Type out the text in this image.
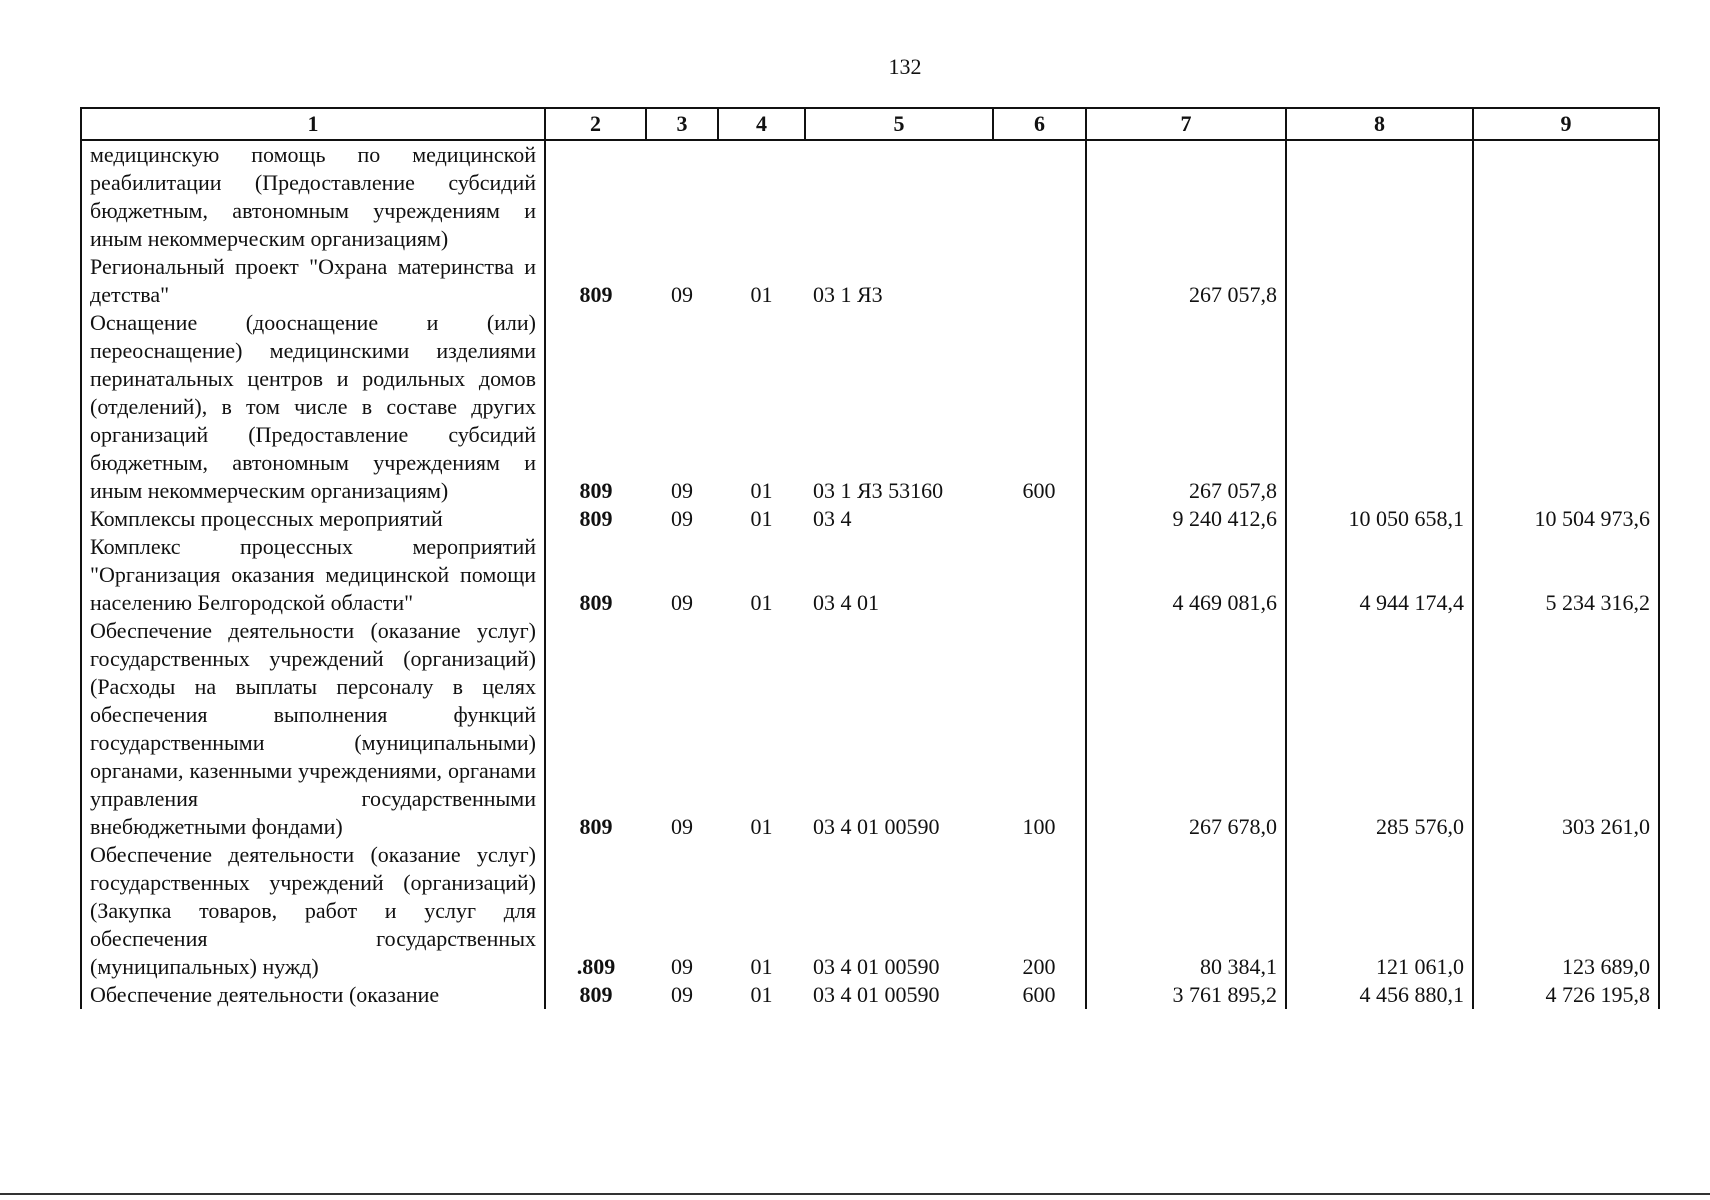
132
1	2	3	4	5	6	7	8	9
медицинскую помощь по медицинской реабилитации (Предоставление субсидий бюджетным, автономным учреждениям и иным некоммерческим организациям)								
Региональный проект "Охрана материнства и детства"	809	09	01	03 1 Я3		267 057,8		
Оснащение (дооснащение и (или) переоснащение) медицинскими изделиями перинатальных центров и родильных домов (отделений), в том числе в составе других организаций (Предоставление субсидий бюджетным, автономным учреждениям и иным некоммерческим организациям)	809	09	01	03 1 Я3 53160	600	267 057,8		
Комплексы процессных мероприятий	809	09	01	03 4		9 240 412,6	10 050 658,1	10 504 973,6
Комплекс процессных мероприятий "Организация оказания медицинской помощи населению Белгородской области"	809	09	01	03 4 01		4 469 081,6	4 944 174,4	5 234 316,2
Обеспечение деятельности (оказание услуг) государственных учреждений (организаций) (Расходы на выплаты персоналу в целях обеспечения выполнения функций государственными (муниципальными) органами, казенными учреждениями, органами управления государственными внебюджетными фондами)	809	09	01	03 4 01 00590	100	267 678,0	285 576,0	303 261,0
Обеспечение деятельности (оказание услуг) государственных учреждений (организаций) (Закупка товаров, работ и услуг для обеспечения государственных (муниципальных) нужд)	.809	09	01	03 4 01 00590	200	80 384,1	121 061,0	123 689,0
Обеспечение деятельности (оказание	809	09	01	03 4 01 00590	600	3 761 895,2	4 456 880,1	4 726 195,8
